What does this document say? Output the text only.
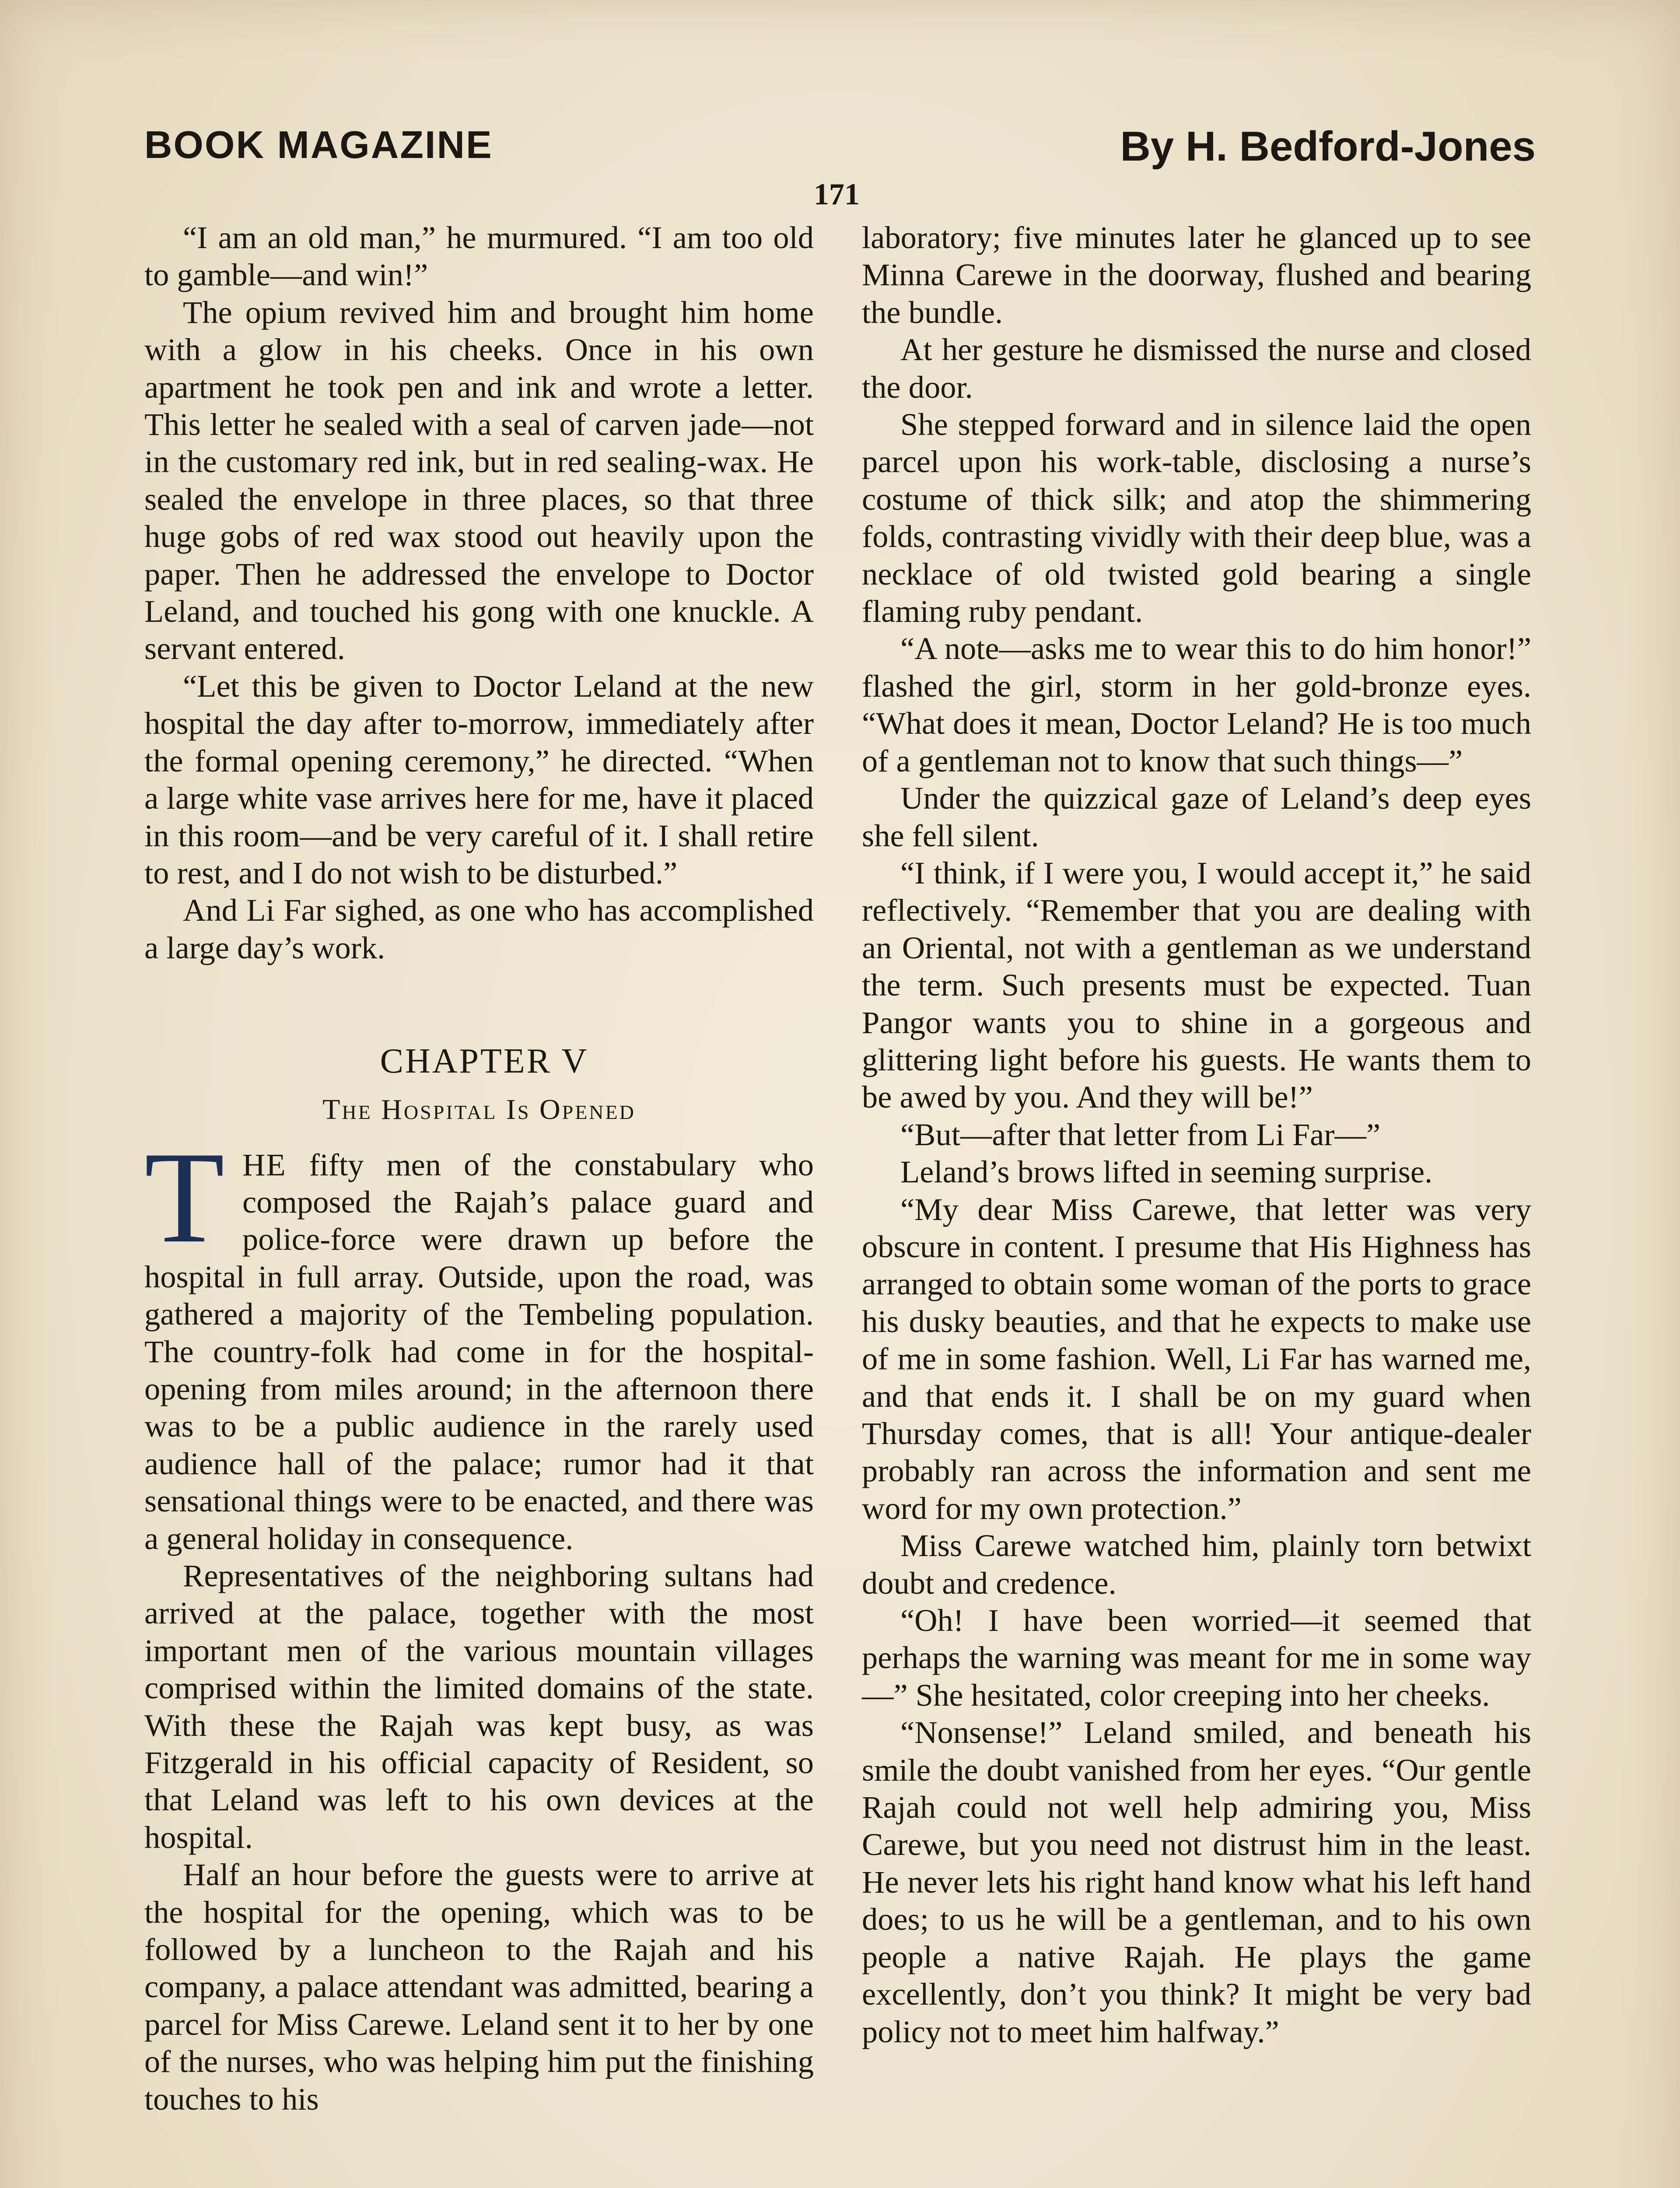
BOOK MAGAZINE	By H. Bedford-Jones
171

“I am an old man,” he murmured. “I am too old to gamble—and win!”

The opium revived him and brought him home with a glow in his cheeks. Once in his own apartment he took pen and ink and wrote a letter. This letter he sealed with a seal of carven jade—not in the customary red ink, but in red sealing-wax. He sealed the envelope in three places, so that three huge gobs of red wax stood out heavily upon the paper. Then he addressed the envelope to Doctor Leland, and touched his gong with one knuckle. A servant entered.

“Let this be given to Doctor Leland at the new hospital the day after to-morrow, immediately after the formal opening ceremony,” he directed. “When a large white vase arrives here for me, have it placed in this room—and be very careful of it. I shall retire to rest, and I do not wish to be disturbed.”

And Li Far sighed, as one who has accomplished a large day’s work.

CHAPTER V
The Hospital Is Opened

THE fifty men of the constabulary who composed the Rajah’s palace guard and police-force were drawn up before the hospital in full array. Outside, upon the road, was gathered a majority of the Tembeling population. The country-folk had come in for the hospital-opening from miles around; in the afternoon there was to be a public audience in the rarely used audience hall of the palace; rumor had it that sensational things were to be enacted, and there was a general holiday in consequence.

Representatives of the neighboring sultans had arrived at the palace, together with the most important men of the various mountain villages comprised within the limited domains of the state. With these the Rajah was kept busy, as was Fitzgerald in his official capacity of Resident, so that Leland was left to his own devices at the hospital.

Half an hour before the guests were to arrive at the hospital for the opening, which was to be followed by a luncheon to the Rajah and his company, a palace attendant was admitted, bearing a parcel for Miss Carewe. Leland sent it to her by one of the nurses, who was helping him put the finishing touches to his

laboratory; five minutes later he glanced up to see Minna Carewe in the doorway, flushed and bearing the bundle.

At her gesture he dismissed the nurse and closed the door.

She stepped forward and in silence laid the open parcel upon his work-table, disclosing a nurse’s costume of thick silk; and atop the shimmering folds, contrasting vividly with their deep blue, was a necklace of old twisted gold bearing a single flaming ruby pendant.

“A note—asks me to wear this to do him honor!” flashed the girl, storm in her gold-bronze eyes. “What does it mean, Doctor Leland? He is too much of a gentleman not to know that such things—”

Under the quizzical gaze of Leland’s deep eyes she fell silent.

“I think, if I were you, I would accept it,” he said reflectively. “Remember that you are dealing with an Oriental, not with a gentleman as we understand the term. Such presents must be expected. Tuan Pangor wants you to shine in a gorgeous and glittering light before his guests. He wants them to be awed by you. And they will be!”

“But—after that letter from Li Far—”

Leland’s brows lifted in seeming surprise.

“My dear Miss Carewe, that letter was very obscure in content. I presume that His Highness has arranged to obtain some woman of the ports to grace his dusky beauties, and that he expects to make use of me in some fashion. Well, Li Far has warned me, and that ends it. I shall be on my guard when Thursday comes, that is all! Your antique-dealer probably ran across the information and sent me word for my own protection.”

Miss Carewe watched him, plainly torn betwixt doubt and credence.

“Oh! I have been worried—it seemed that perhaps the warning was meant for me in some way—” She hesitated, color creeping into her cheeks.

“Nonsense!” Leland smiled, and beneath his smile the doubt vanished from her eyes. “Our gentle Rajah could not well help admiring you, Miss Carewe, but you need not distrust him in the least. He never lets his right hand know what his left hand does; to us he will be a gentleman, and to his own people a native Rajah. He plays the game excellently, don’t you think? It might be very bad policy not to meet him halfway.”
